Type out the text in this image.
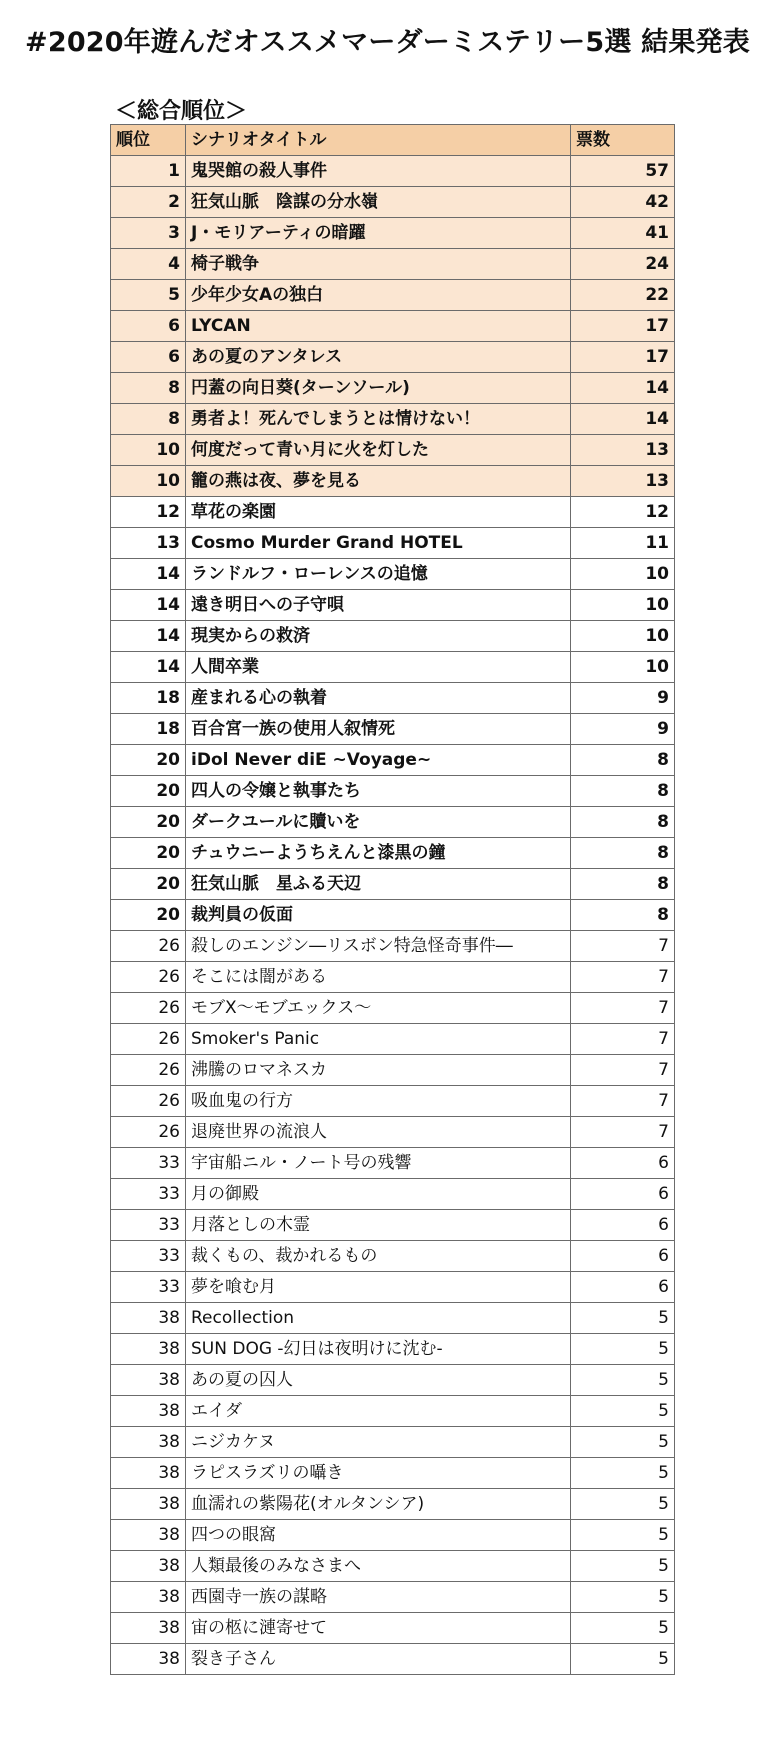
#2020年遊んだオススメマーダーミステリー5選 結果発表
＜総合順位＞
順位	シナリオタイトル	票数
1	鬼哭館の殺人事件	57
2	狂気山脈　陰謀の分水嶺	42
3	J・モリアーティの暗躍	41
4	椅子戦争	24
5	少年少女Aの独白	22
6	LYCAN	17
6	あの夏のアンタレス	17
8	円蓋の向日葵(ターンソール)	14
8	勇者よ！死んでしまうとは情けない！	14
10	何度だって青い月に火を灯した	13
10	籠の燕は夜、夢を見る	13
12	草花の楽園	12
13	Cosmo Murder Grand HOTEL	11
14	ランドルフ・ローレンスの追憶	10
14	遠き明日への子守唄	10
14	現実からの救済	10
14	人間卒業	10
18	産まれる心の執着	9
18	百合宮一族の使用人叙情死	9
20	iDol Never diE ~Voyage~	8
20	四人の令嬢と執事たち	8
20	ダークユールに贖いを	8
20	チュウニーようちえんと漆黒の鐘	8
20	狂気山脈　星ふる天辺	8
20	裁判員の仮面	8
26	殺しのエンジン―リスボン特急怪奇事件―	7
26	そこには闇がある	7
26	モブX〜モブエックス〜	7
26	Smoker's Panic	7
26	沸騰のロマネスカ	7
26	吸血鬼の行方	7
26	退廃世界の流浪人	7
33	宇宙船ニル・ノート号の残響	6
33	月の御殿	6
33	月落としの木霊	6
33	裁くもの、裁かれるもの	6
33	夢を喰む月	6
38	Recollection	5
38	SUN DOG -幻日は夜明けに沈む-	5
38	あの夏の囚人	5
38	エイダ	5
38	ニジカケヌ	5
38	ラピスラズリの囁き	5
38	血濡れの紫陽花(オルタンシア)	5
38	四つの眼窩	5
38	人類最後のみなさまへ	5
38	西園寺一族の謀略	5
38	宙の柩に漣寄せて	5
38	裂き子さん	5
